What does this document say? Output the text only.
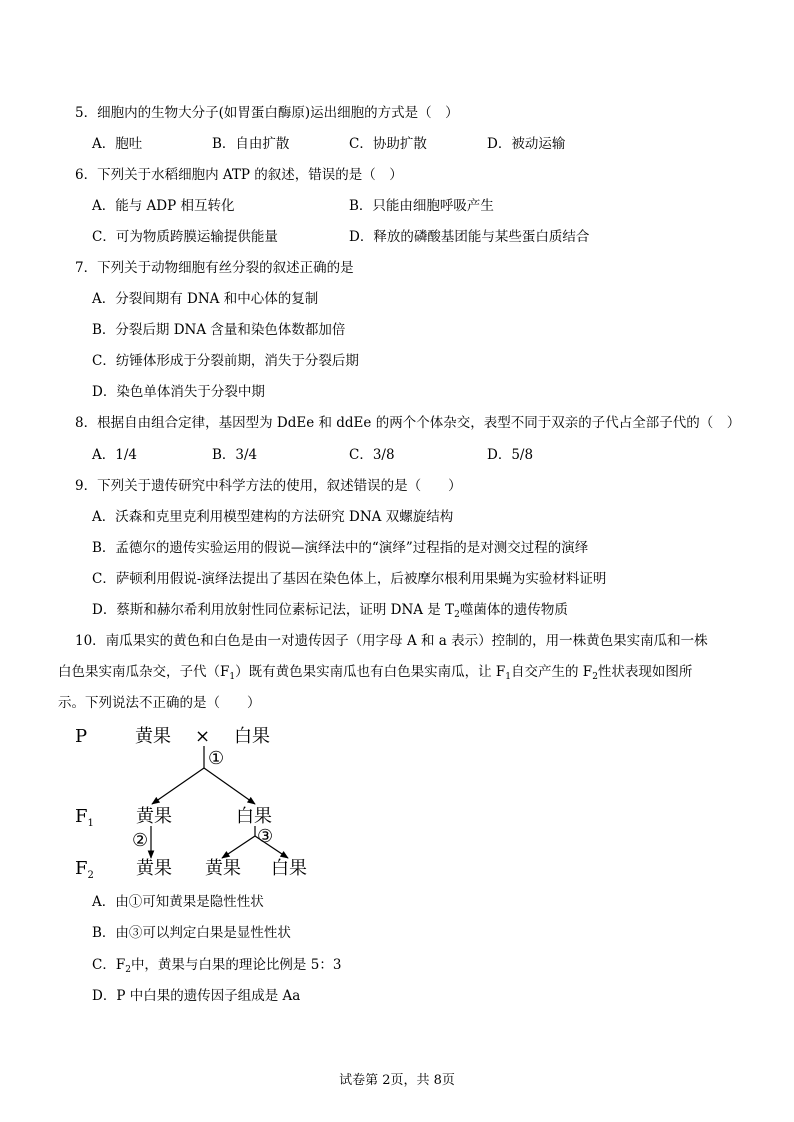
5．细胞内的生物大分子(如胃蛋白酶原)运出细胞的方式是（　）
A．胞吐	B．自由扩散	C．协助扩散	D．被动运输
6．下列关于水稻细胞内 ATP 的叙述，错误的是（　）
A．能与 ADP 相互转化	B．只能由细胞呼吸产生
C．可为物质跨膜运输提供能量	D．释放的磷酸基团能与某些蛋白质结合
7．下列关于动物细胞有丝分裂的叙述正确的是
A．分裂间期有 DNA 和中心体的复制
B．分裂后期 DNA 含量和染色体数都加倍
C．纺锤体形成于分裂前期，消失于分裂后期
D．染色单体消失于分裂中期
8．根据自由组合定律，基因型为 DdEe 和 ddEe 的两个个体杂交，表型不同于双亲的子代占全部子代的（　）
A．1/4	B．3/4	C．3/8	D．5/8
9．下列关于遗传研究中科学方法的使用，叙述错误的是（　　）
A．沃森和克里克利用模型建构的方法研究 DNA 双螺旋结构
B．孟德尔的遗传实验运用的假说—演绎法中的“演绎”过程指的是对测交过程的演绎
C．萨顿利用假说-演绎法提出了基因在染色体上，后被摩尔根利用果蝇为实验材料证明
D．蔡斯和赫尔希利用放射性同位素标记法，证明 DNA 是 $T_2$噬菌体的遗传物质
10．南瓜果实的黄色和白色是由一对遗传因子（用字母 A 和 a 表示）控制的，用一株黄色果实南瓜和一株
白色果实南瓜杂交，子代$(F_1)$既有黄色果实南瓜也有白色果实南瓜，让 $F_1$自交产生的 $F_2$性状表现如图所
示。下列说法不正确的是（　　）
P	黄果 × 白果
①
$F_1$ 黄果	白果
②	③
$F_2$ 黄果 黄果 白果
A．由①可知黄果是隐性性状
B．由③可以判定白果是显性性状
C．$F_2$中，黄果与白果的理论比例是 5：3
D．P 中白果的遗传因子组成是 Aa
试卷第 2页，共 8页
